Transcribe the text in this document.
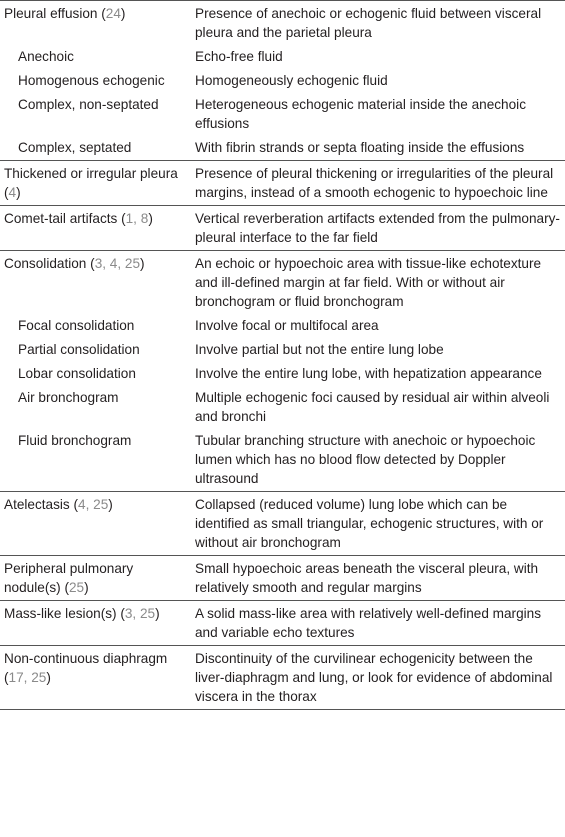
Pleural effusion (24)	Presence of anechoic or echogenic fluid between visceral pleura and the parietal pleura
Anechoic	Echo-free fluid
Homogenous echogenic	Homogeneously echogenic fluid
Complex, non-septated	Heterogeneous echogenic material inside the anechoic effusions
Complex, septated	With fibrin strands or septa floating inside the effusions
Thickened or irregular pleura (4)	Presence of pleural thickening or irregularities of the pleural margins, instead of a smooth echogenic to hypoechoic line
Comet-tail artifacts (1, 8)	Vertical reverberation artifacts extended from the pulmonary-pleural interface to the far field
Consolidation (3, 4, 25)	An echoic or hypoechoic area with tissue-like echotexture and ill-defined margin at far field. With or without air bronchogram or fluid bronchogram
Focal consolidation	Involve focal or multifocal area
Partial consolidation	Involve partial but not the entire lung lobe
Lobar consolidation	Involve the entire lung lobe, with hepatization appearance
Air bronchogram	Multiple echogenic foci caused by residual air within alveoli and bronchi
Fluid bronchogram	Tubular branching structure with anechoic or hypoechoic lumen which has no blood flow detected by Doppler ultrasound
Atelectasis (4, 25)	Collapsed (reduced volume) lung lobe which can be identified as small triangular, echogenic structures, with or without air bronchogram
Peripheral pulmonary nodule(s) (25)	Small hypoechoic areas beneath the visceral pleura, with relatively smooth and regular margins
Mass-like lesion(s) (3, 25)	A solid mass-like area with relatively well-defined margins and variable echo textures
Non-continuous diaphragm (17, 25)	Discontinuity of the curvilinear echogenicity between the liver-diaphragm and lung, or look for evidence of abdominal viscera in the thorax
